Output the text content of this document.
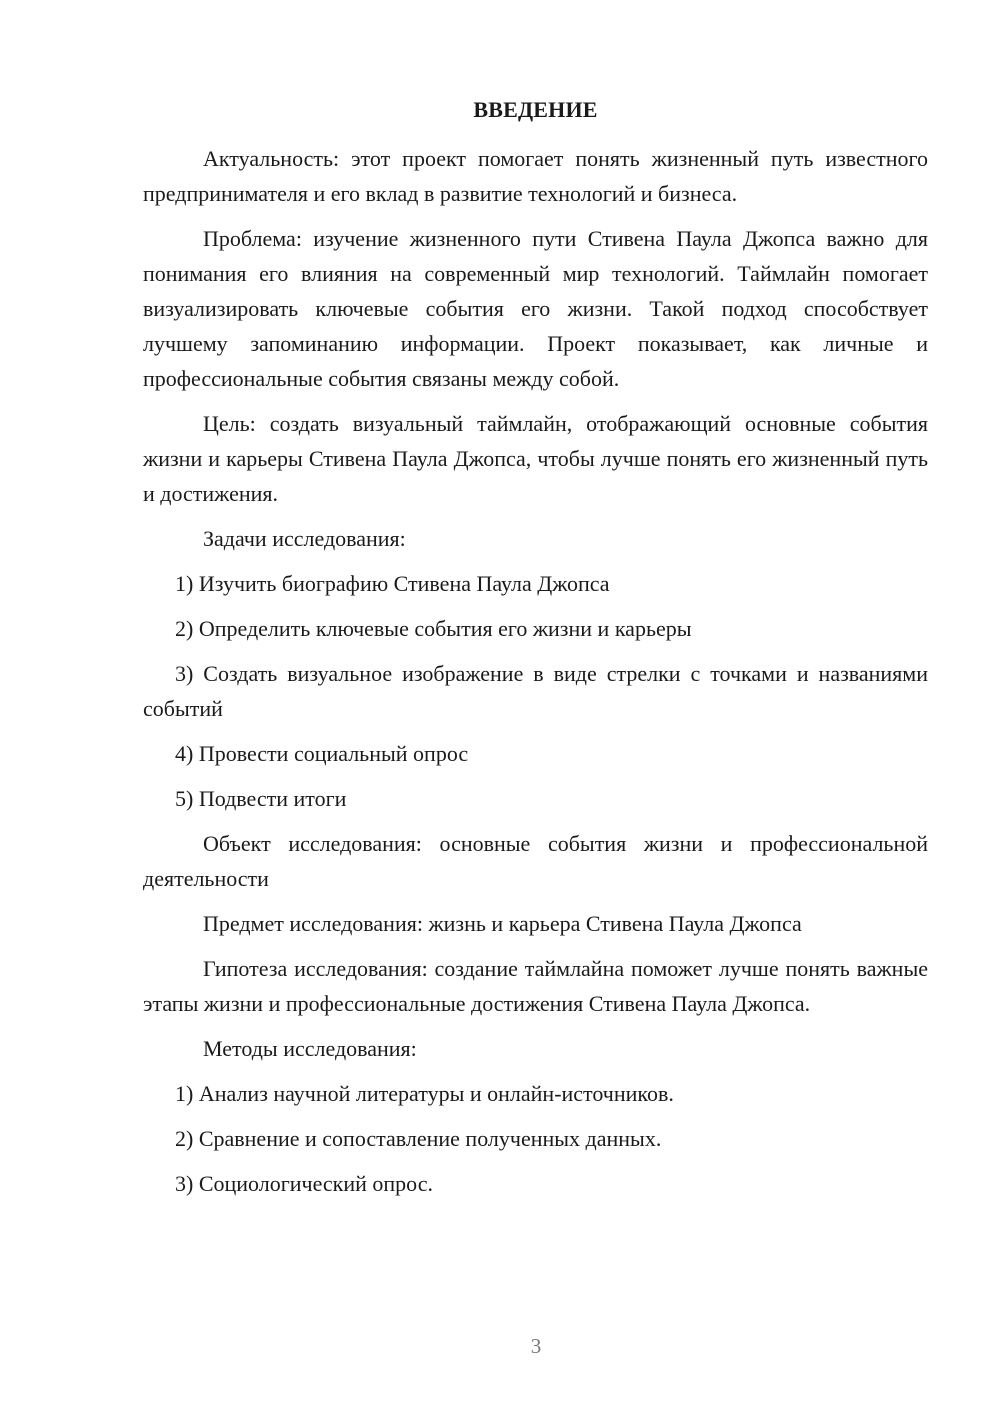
ВВЕДЕНИЕ
Актуальность: этот проект помогает понять жизненный путь известного предпринимателя и его вклад в развитие технологий и бизнеса.
Проблема: изучение жизненного пути Стивена Паула Джопса важно для понимания его влияния на современный мир технологий. Таймлайн помогает визуализировать ключевые события его жизни. Такой подход способствует лучшему запоминанию информации. Проект показывает, как личные и профессиональные события связаны между собой.
Цель: создать визуальный таймлайн, отображающий основные события жизни и карьеры Стивена Паула Джопса, чтобы лучше понять его жизненный путь и достижения.
Задачи исследования:
1) Изучить биографию Стивена Паула Джопса
2) Определить ключевые события его жизни и карьеры
3) Создать визуальное изображение в виде стрелки с точками и названиями событий
4) Провести социальный опрос
5) Подвести итоги
Объект исследования: основные события жизни и профессиональной деятельности
Предмет исследования: жизнь и карьера Стивена Паула Джопса
Гипотеза исследования: создание таймлайна поможет лучше понять важные этапы жизни и профессиональные достижения Стивена Паула Джопса.
Методы исследования:
1) Анализ научной литературы и онлайн-источников.
2) Сравнение и сопоставление полученных данных.
3) Социологический опрос.
3
